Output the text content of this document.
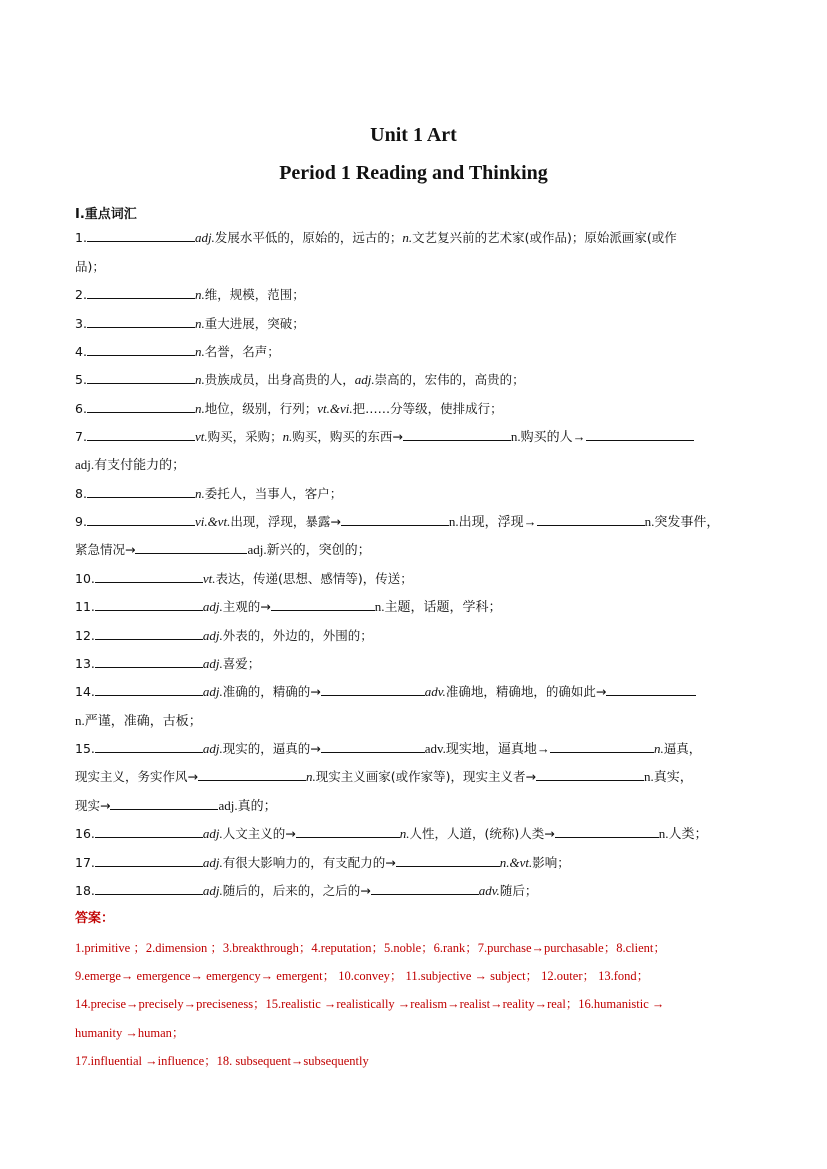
Unit 1 Art
Period 1 Reading and Thinking
I.重点词汇
1.	adj.发展水平低的，原始的，远古的；n.文艺复兴前的艺术家(或作品)；原始派画家(或作
品)；
2.	n.维，规模，范围；
3.	n.重大进展，突破；
4.	n.名誉，名声；
5.	n.贵族成员，出身高贵的人，adj.崇高的，宏伟的，高贵的；
6.	n.地位，级别，行列；vt.&vi.把……分等级，使排成行；
7.	vt.购买，采购；n.购买，购买的东西→	n.购买的人→
adj.有支付能力的；
8.	n.委托人，当事人，客户；
9.	vi.&vt.出现，浮现，暴露→	n.出现，浮现→	n.突发事件，
紧急情况→	adj.新兴的，突创的；
10.	vt.表达，传递(思想、感情等)，传送；
11.	adj.主观的→	n.主题，话题，学科；
12.	adj.外表的，外边的，外围的；
13.	adj.喜爱；
14.	adj.准确的，精确的→	adv.准确地，精确地，的确如此→
n.严谨，准确，古板；
15.	adj.现实的，逼真的→	adv.现实地，逼真地→	n.逼真，
现实主义，务实作风→	n.现实主义画家(或作家等)，现实主义者→	n.真实，
现实→	adj.真的；
16.	adj.人文主义的→	n.人性，人道，(统称)人类→	n.人类；
17.	adj.有很大影响力的，有支配力的→	n.&vt.影响；
18.	adj.随后的，后来的，之后的→	adv.随后；
答案：
1.primitive ；2.dimension ；3.breakthrough；4.reputation；5.noble；6.rank；7.purchase→purchasable；8.client；
9.emerge→ emergence→ emergency→ emergent； 10.convey； 11.subjective → subject； 12.outer； 13.fond；
14.precise→precisely→preciseness；15.realistic →realistically →realism→realist→reality→real；16.humanistic →
humanity →human；
17.influential →influence；18. subsequent→subsequently
